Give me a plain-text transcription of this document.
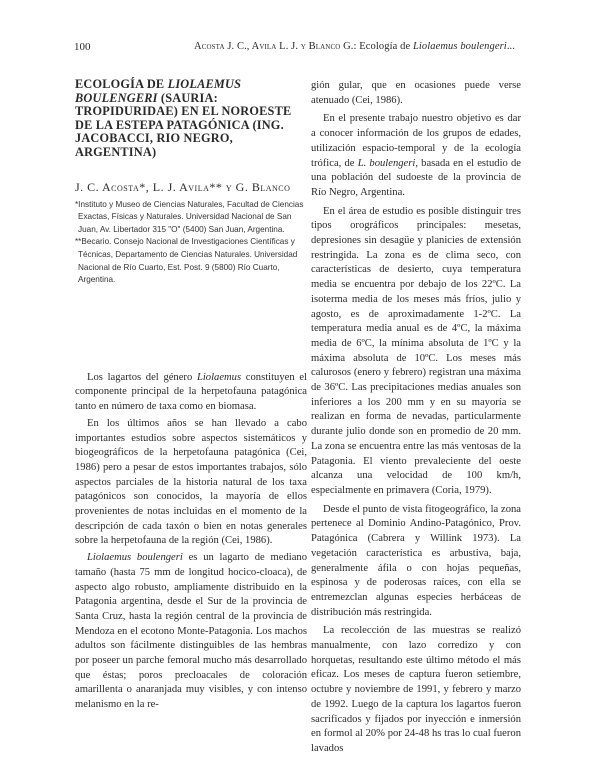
100	Acosta J. C., Avila L. J. y Blanco G.: Ecología de Liolaemus boulengeri...
ECOLOGÍA DE LIOLAEMUS BOULENGERI (SAURIA: TROPIDURIDAE) EN EL NOROESTE DE LA ESTEPA PATAGÓNICA (ING. JACOBACCI, RIO NEGRO, ARGENTINA)
J. C. Acosta*, L. J. Avila** y G. Blanco

*Instituto y Museo de Ciencias Naturales, Facultad de Ciencias Exactas, Físicas y Naturales. Universidad Nacional de San Juan, Av. Libertador 315 "O" (5400) San Juan, Argentina.

**Becario. Consejo Nacional de Investigaciones Científicas y Técnicas, Departamento de Ciencias Naturales. Universidad Nacional de Río Cuarto, Est. Post. 9 (5800) Río Cuarto, Argentina.

Los lagartos del género Liolaemus constituyen el componente principal de la herpetofauna patagónica tanto en número de taxa como en biomasa.

En los últimos años se han llevado a cabo importantes estudios sobre aspectos sistemáticos y biogeográficos de la herpetofauna patagónica (Cei, 1986) pero a pesar de estos importantes trabajos, sólo aspectos parciales de la historia natural de los taxa patagónicos son conocidos, la mayoría de ellos provenientes de notas incluidas en el momento de la descripción de cada taxón o bien en notas generales sobre la herpetofauna de la región (Cei, 1986).

Liolaemus boulengeri es un lagarto de mediano tamaño (hasta 75 mm de longitud hocico-cloaca), de aspecto algo robusto, ampliamente distribuido en la Patagonia argentina, desde el Sur de la provincia de Santa Cruz, hasta la región central de la provincia de Mendoza en el ecotono Monte-Patagonia. Los machos adultos son fácilmente distinguibles de las hembras por poseer un parche femoral mucho más desarrollado que éstas; poros precloacales de coloración amarillenta o anaranjada muy visibles, y con intenso melanismo en la re-

gión gular, que en ocasiones puede verse atenuado (Cei, 1986).

En el presente trabajo nuestro objetivo es dar a conocer información de los grupos de edades, utilización espacio-temporal y de la ecología trófica, de L. boulengeri, basada en el estudio de una población del sudoeste de la provincia de Río Negro, Argentina.

En el área de estudio es posible distinguir tres tipos orográficos principales: mesetas, depresiones sin desagüe y planicies de extensión restringida. La zona es de clima seco, con características de desierto, cuya temperatura media se encuentra por debajo de los 22ºC. La isoterma media de los meses más fríos, julio y agosto, es de aproximadamente 1-2ºC. La temperatura media anual es de 4ºC, la máxima media de 6ºC, la mínima absoluta de 1ºC y la máxima absoluta de 10ºC. Los meses más calurosos (enero y febrero) registran una máxima de 36ºC. Las precipitaciones medias anuales son inferiores a los 200 mm y en su mayoría se realizan en forma de nevadas, particularmente durante julio donde son en promedio de 20 mm. La zona se encuentra entre las más ventosas de la Patagonia. El viento prevaleciente del oeste alcanza una velocidad de 100 km/h, especialmente en primavera (Coria, 1979).

Desde el punto de vista fitogeográfico, la zona pertenece al Dominio Andino-Patagónico, Prov. Patagónica (Cabrera y Willink 1973). La vegetación característica es arbustiva, baja, generalmente áfila o con hojas pequeñas, espinosa y de poderosas raíces, con ella se entremezclan algunas especies herbáceas de distribución más restringida.

La recolección de las muestras se realizó manualmente, con lazo corredizo y con horquetas, resultando este último método el más eficaz. Los meses de captura fueron setiembre, octubre y noviembre de 1991, y febrero y marzo de 1992. Luego de la captura los lagartos fueron sacrificados y fijados por inyección e inmersión en formol al 20% por 24-48 hs tras lo cual fueron lavados
